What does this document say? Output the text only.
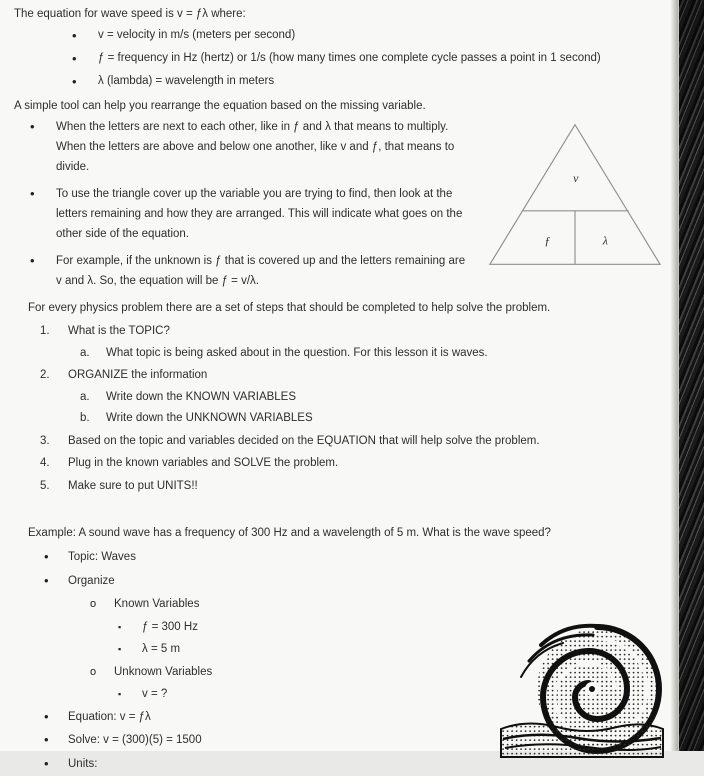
The equation for wave speed is v = ƒλ where:

•
v = velocity in m/s (meters per second)
•
ƒ = frequency in Hz (hertz) or 1/s (how many times one complete cycle passes a point in 1 second)
•
λ (lambda) = wavelength in meters

A simple tool can help you rearrange the equation based on the missing variable.

•
When the letters are next to each other, like in ƒ and λ that means to multiply. When the letters are above and below one another, like v and ƒ, that means to divide.
•
To use the triangle cover up the variable you are trying to find, then look at the letters remaining and how they are arranged. This will indicate what goes on the other side of the equation.
•
For example, if the unknown is ƒ that is covered up and the letters remaining are v and λ. So, the equation will be ƒ = v/λ.
v
ƒ	λ

For every physics problem there are a set of steps that should be completed to help solve the problem.

1.	What is the TOPIC?
a.	What topic is being asked about in the question. For this lesson it is waves.
2.	ORGANIZE the information
a.	Write down the KNOWN VARIABLES
b.	Write down the UNKNOWN VARIABLES
3.	Based on the topic and variables decided on the EQUATION that will help solve the problem.
4.	Plug in the known variables and SOLVE the problem.
5.	Make sure to put UNITS!!

Example: A sound wave has a frequency of 300 Hz and a wavelength of 5 m. What is the wave speed?

•
Topic: Waves
•
Organize
o
Known Variables
▪
ƒ = 300 Hz
▪
λ = 5 m
o
Unknown Variables
▪
v = ?
•
Equation: v = ƒλ
•
Solve: v = (300)(5) = 1500
•
Units:
